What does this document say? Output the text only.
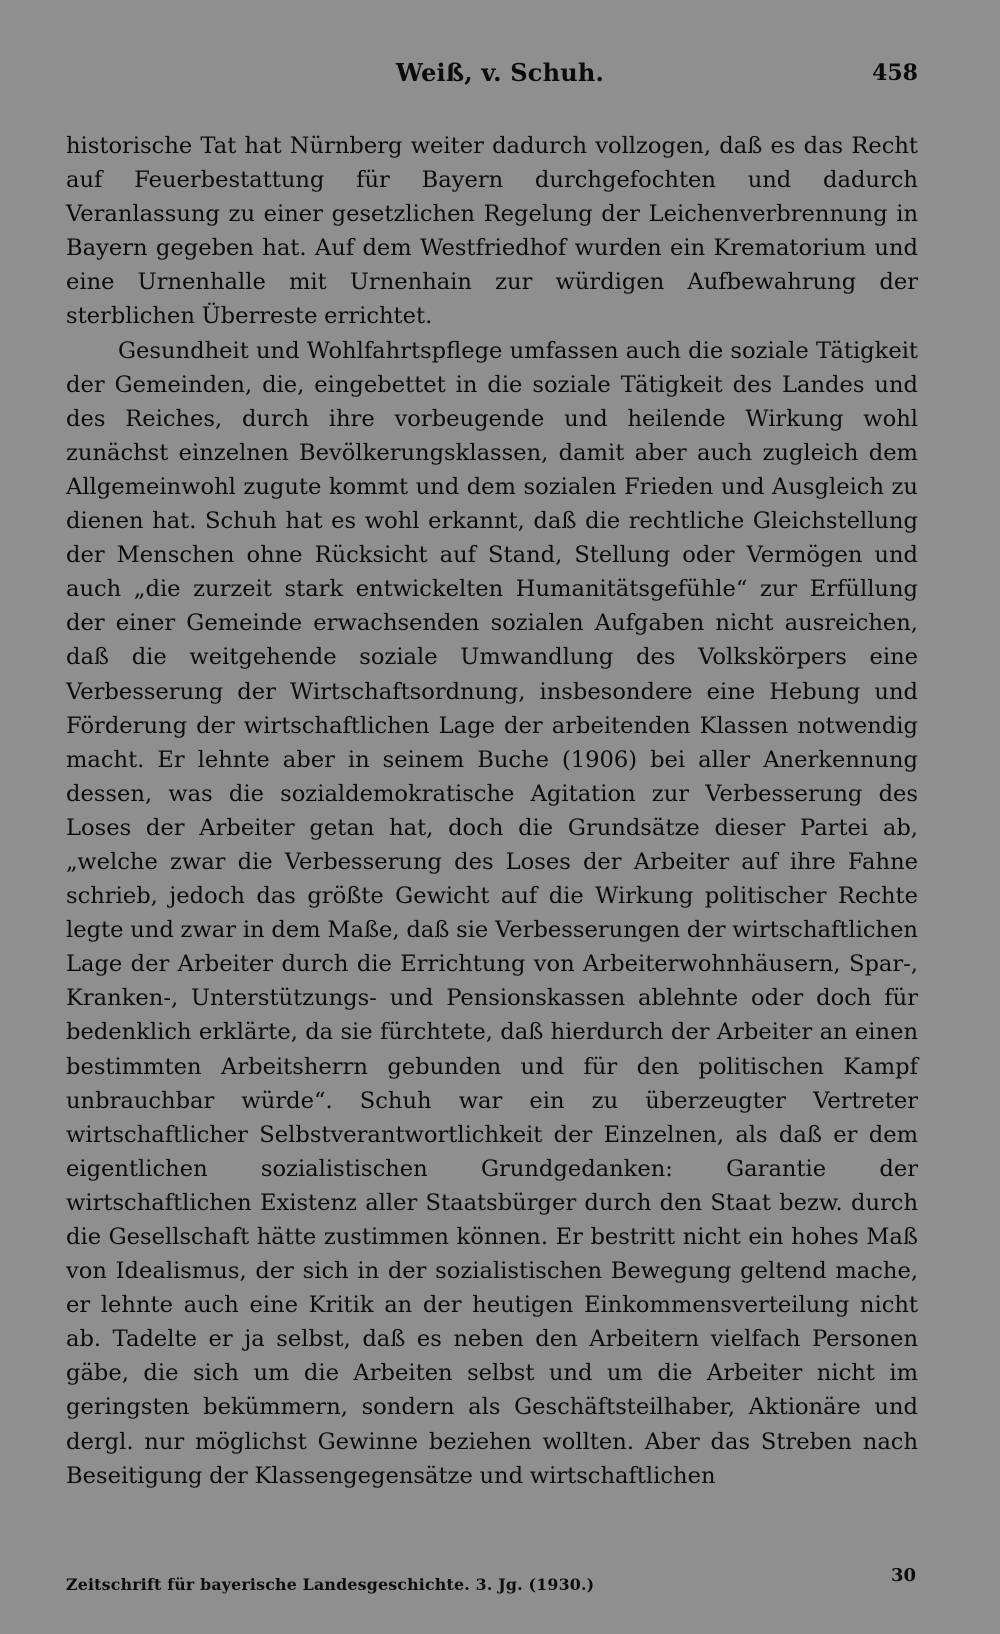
Weiß, v. Schuh.	458

historische Tat hat Nürnberg weiter dadurch vollzogen, daß es das Recht auf Feuerbestattung für Bayern durchgefochten und dadurch Veranlassung zu einer gesetzlichen Regelung der Leichenverbrennung in Bayern gegeben hat. Auf dem Westfriedhof wurden ein Krematorium und eine Urnenhalle mit Urnenhain zur würdigen Aufbewahrung der sterblichen Überreste errichtet.

Gesundheit und Wohlfahrtspflege umfassen auch die soziale Tätigkeit der Gemeinden, die, eingebettet in die soziale Tätigkeit des Landes und des Reiches, durch ihre vorbeugende und heilende Wirkung wohl zunächst einzelnen Bevölkerungsklassen, damit aber auch zugleich dem Allgemeinwohl zugute kommt und dem sozialen Frieden und Ausgleich zu dienen hat. Schuh hat es wohl erkannt, daß die rechtliche Gleichstellung der Menschen ohne Rücksicht auf Stand, Stellung oder Vermögen und auch „die zurzeit stark entwickelten Humanitätsgefühle“ zur Erfüllung der einer Gemeinde erwachsenden sozialen Aufgaben nicht ausreichen, daß die weitgehende soziale Umwandlung des Volkskörpers eine Verbesserung der Wirtschaftsordnung, insbesondere eine Hebung und Förderung der wirtschaftlichen Lage der arbeitenden Klassen notwendig macht. Er lehnte aber in seinem Buche (1906) bei aller Anerkennung dessen, was die sozialdemokratische Agitation zur Verbesserung des Loses der Arbeiter getan hat, doch die Grundsätze dieser Partei ab, „welche zwar die Verbesserung des Loses der Arbeiter auf ihre Fahne schrieb, jedoch das größte Gewicht auf die Wirkung politischer Rechte legte und zwar in dem Maße, daß sie Verbesserungen der wirtschaftlichen Lage der Arbeiter durch die Errichtung von Arbeiterwohnhäusern, Spar-, Kranken-, Unterstützungs- und Pensionskassen ablehnte oder doch für bedenklich erklärte, da sie fürchtete, daß hierdurch der Arbeiter an einen bestimmten Arbeitsherrn gebunden und für den politischen Kampf unbrauchbar würde“. Schuh war ein zu überzeugter Vertreter wirtschaftlicher Selbstverantwortlichkeit der Einzelnen, als daß er dem eigentlichen sozialistischen Grundgedanken: Garantie der wirtschaftlichen Existenz aller Staatsbürger durch den Staat bezw. durch die Gesellschaft hätte zustimmen können. Er bestritt nicht ein hohes Maß von Idealismus, der sich in der sozialistischen Bewegung geltend mache, er lehnte auch eine Kritik an der heutigen Einkommensverteilung nicht ab. Tadelte er ja selbst, daß es neben den Arbeitern vielfach Personen gäbe, die sich um die Arbeiten selbst und um die Arbeiter nicht im geringsten bekümmern, sondern als Geschäftsteilhaber, Aktionäre und dergl. nur möglichst Gewinne beziehen wollten. Aber das Streben nach Beseitigung der Klassengegensätze und wirtschaftlichen

Zeitschrift für bayerische Landesgeschichte. 3. Jg. (1930.)	30
